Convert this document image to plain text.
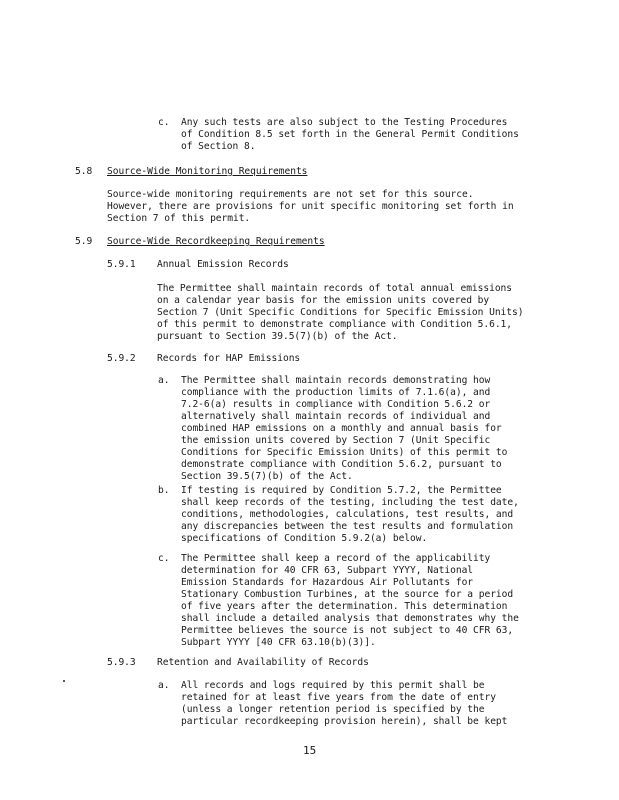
c. Any such tests are also subject to the Testing Procedures
of Condition 8.5 set forth in the General Permit Conditions
of Section 8.
5.8 Source-Wide Monitoring Requirements
Source-wide monitoring requirements are not set for this source.
However, there are provisions for unit specific monitoring set forth in
Section 7 of this permit.
5.9 Source-Wide Recordkeeping Requirements
5.9.1 Annual Emission Records
The Permittee shall maintain records of total annual emissions
on a calendar year basis for the emission units covered by
Section 7 (Unit Specific Conditions for Specific Emission Units)
of this permit to demonstrate compliance with Condition 5.6.1,
pursuant to Section 39.5(7)(b) of the Act.
5.9.2 Records for HAP Emissions
a. The Permittee shall maintain records demonstrating how
compliance with the production limits of 7.1.6(a), and
7.2-6(a) results in compliance with Condition 5.6.2 or
alternatively shall maintain records of individual and
combined HAP emissions on a monthly and annual basis for
the emission units covered by Section 7 (Unit Specific
Conditions for Specific Emission Units) of this permit to
demonstrate compliance with Condition 5.6.2, pursuant to
Section 39.5(7)(b) of the Act.
b. If testing is required by Condition 5.7.2, the Permittee
shall keep records of the testing, including the test date,
conditions, methodologies, calculations, test results, and
any discrepancies between the test results and formulation
specifications of Condition 5.9.2(a) below.
c. The Permittee shall keep a record of the applicability
determination for 40 CFR 63, Subpart YYYY, National
Emission Standards for Hazardous Air Pollutants for
Stationary Combustion Turbines, at the source for a period
of five years after the determination. This determination
shall include a detailed analysis that demonstrates why the
Permittee believes the source is not subject to 40 CFR 63,
Subpart YYYY [40 CFR 63.10(b)(3)].
5.9.3 Retention and Availability of Records
a. All records and logs required by this permit shall be
retained for at least five years from the date of entry
(unless a longer retention period is specified by the
particular recordkeeping provision herein), shall be kept
15
